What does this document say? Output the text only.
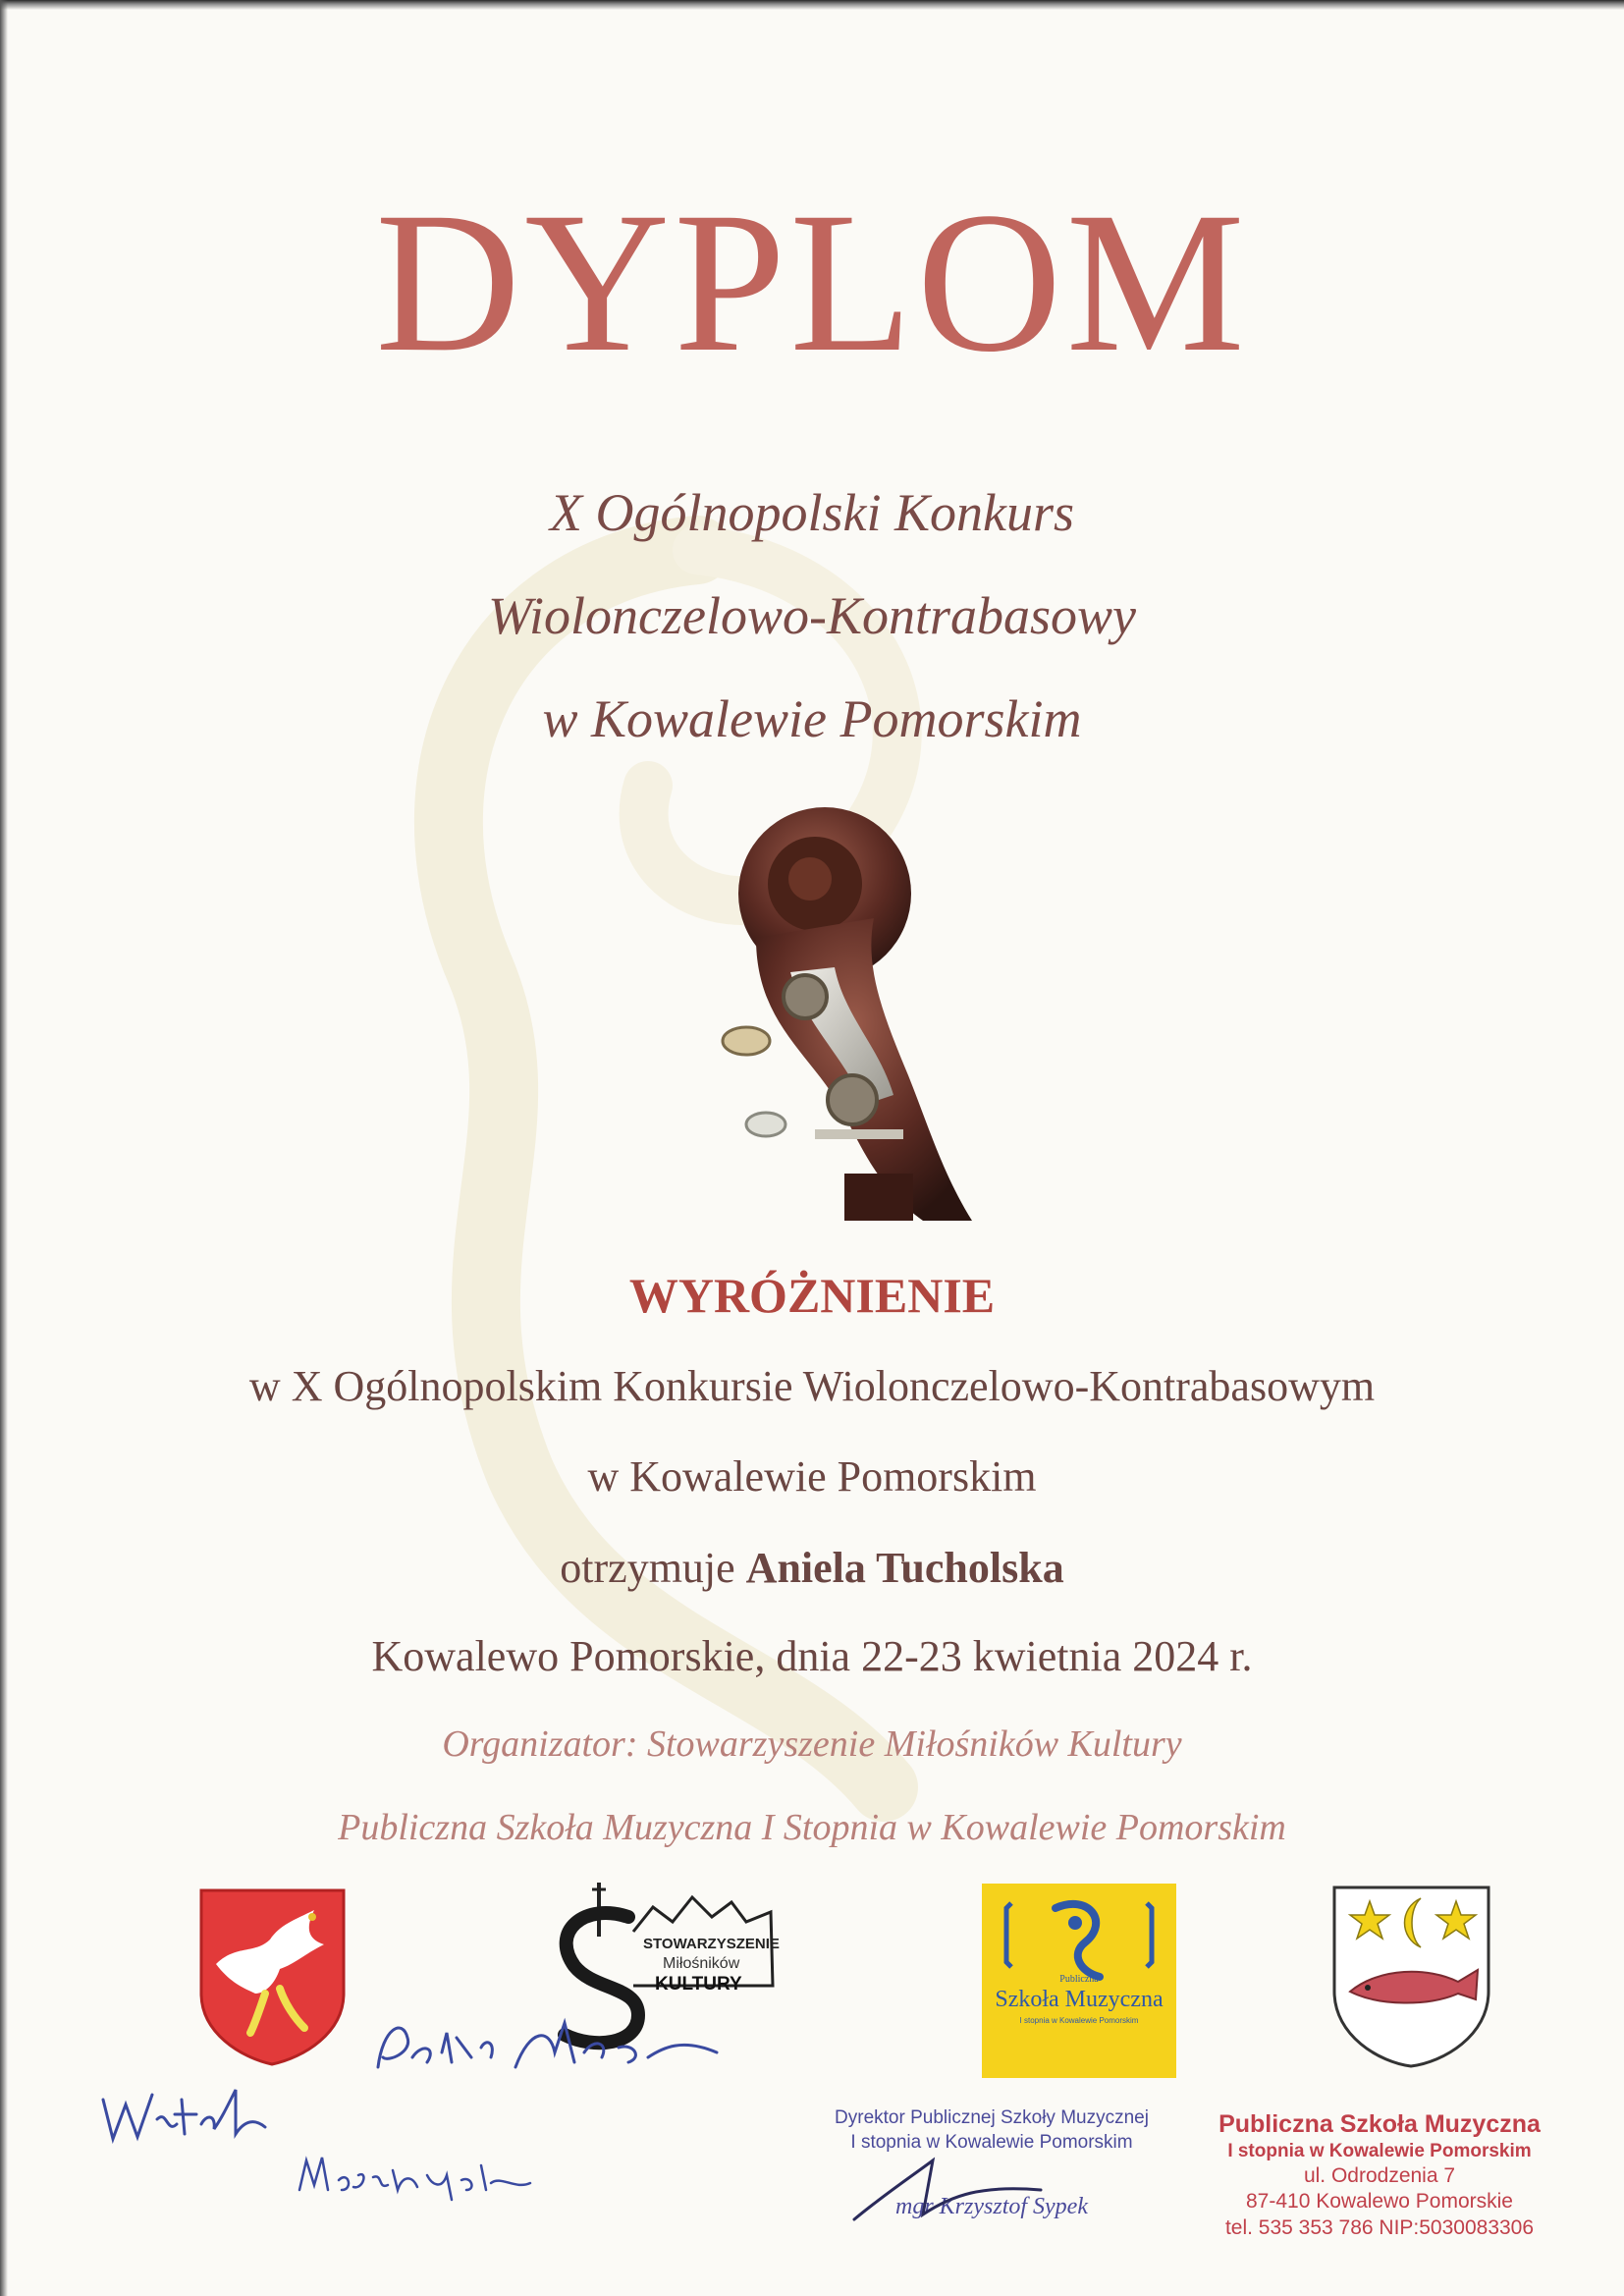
DYPLOM
X Ogólnopolski Konkurs
Wiolonczelowo-Kontrabasowy
w Kowalewie Pomorskim
WYRÓŻNIENIE
w X Ogólnopolskim Konkursie Wiolonczelowo-Kontrabasowym
w Kowalewie Pomorskim
otrzymuje Aniela Tucholska
Kowalewo Pomorskie, dnia 22-23 kwietnia 2024 r.
Organizator: Stowarzyszenie Miłośników Kultury
Publiczna Szkoła Muzyczna I Stopnia w Kowalewie Pomorskim
STOWARZYSZENIE
Miłośników
KULTURY	Publiczna
Szkoła Muzyczna
I stopnia w Kowalewie Pomorskim
Dyrektor Publicznej Szkoły Muzycznej
I stopnia w Kowalewie Pomorskim
mgr Krzysztof Sypek
Publiczna Szkoła Muzyczna
I stopnia w Kowalewie Pomorskim
ul. Odrodzenia 7
87-410 Kowalewo Pomorskie
tel. 535 353 786 NIP:5030083306
